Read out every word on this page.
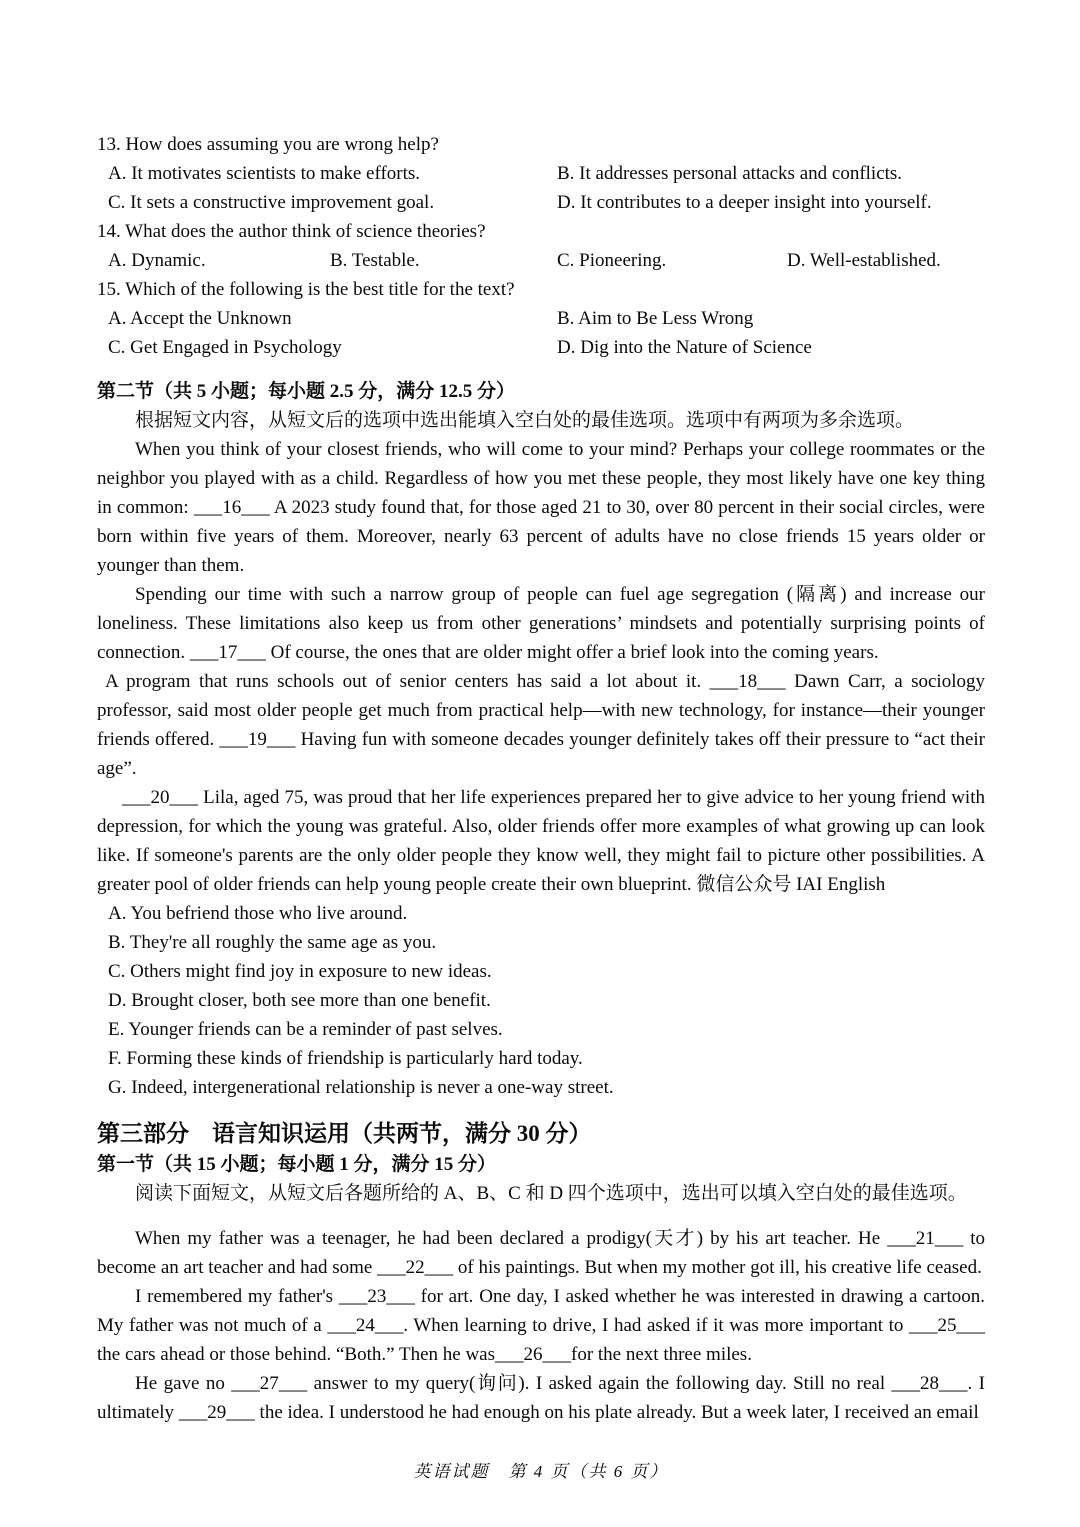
13. How does assuming you are wrong help?
A. It motivates scientists to make efforts.	B. It addresses personal attacks and conflicts.
C. It sets a constructive improvement goal.	D. It contributes to a deeper insight into yourself.
14. What does the author think of science theories?
A. Dynamic.	B. Testable.	C. Pioneering.	D. Well-established.
15. Which of the following is the best title for the text?
A. Accept the Unknown	B. Aim to Be Less Wrong
C. Get Engaged in Psychology	D. Dig into the Nature of Science
第二节（共 5 小题；每小题 2.5 分，满分 12.5 分）

根据短文内容，从短文后的选项中选出能填入空白处的最佳选项。选项中有两项为多余选项。

When you think of your closest friends, who will come to your mind? Perhaps your college roommates or the neighbor you played with as a child. Regardless of how you met these people, they most likely have one key thing in common: ___16___ A 2023 study found that, for those aged 21 to 30, over 80 percent in their social circles, were born within five years of them. Moreover, nearly 63 percent of adults have no close friends 15 years older or younger than them.

Spending our time with such a narrow group of people can fuel age segregation (隔离) and increase our loneliness. These limitations also keep us from other generations’ mindsets and potentially surprising points of connection. ___17___ Of course, the ones that are older might offer a brief look into the coming years.

A program that runs schools out of senior centers has said a lot about it. ___18___ Dawn Carr, a sociology professor, said most older people get much from practical help—with new technology, for instance—their younger friends offered. ___19___ Having fun with someone decades younger definitely takes off their pressure to “act their age”.

___20___ Lila, aged 75, was proud that her life experiences prepared her to give advice to her young friend with depression, for which the young was grateful. Also, older friends offer more examples of what growing up can look like. If someone's parents are the only older people they know well, they might fail to picture other possibilities. A greater pool of older friends can help young people create their own blueprint. 微信公众号 IAI English

A. You befriend those who live around.
B. They're all roughly the same age as you.
C. Others might find joy in exposure to new ideas.
D. Brought closer, both see more than one benefit.
E. Younger friends can be a reminder of past selves.
F. Forming these kinds of friendship is particularly hard today.
G. Indeed, intergenerational relationship is never a one-way street.
第三部分　语言知识运用（共两节，满分 30 分）
第一节（共 15 小题；每小题 1 分，满分 15 分）

阅读下面短文，从短文后各题所给的 A、B、C 和 D 四个选项中，选出可以填入空白处的最佳选项。

When my father was a teenager, he had been declared a prodigy(天才) by his art teacher. He ___21___ to become an art teacher and had some ___22___ of his paintings. But when my mother got ill, his creative life ceased.

I remembered my father's ___23___ for art. One day, I asked whether he was interested in drawing a cartoon. My father was not much of a ___24___. When learning to drive, I had asked if it was more important to ___25___ the cars ahead or those behind. “Both.” Then he was___26___for the next three miles.

He gave no ___27___ answer to my query(询问). I asked again the following day. Still no real ___28___. I ultimately ___29___ the idea. I understood he had enough on his plate already. But a week later, I received an email

英语试题　第 4 页（共 6 页）
